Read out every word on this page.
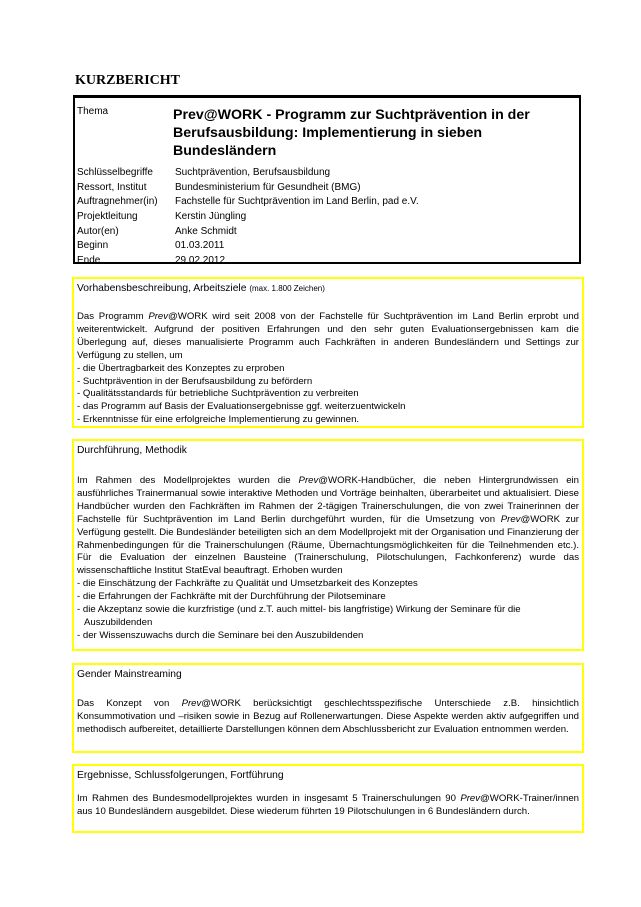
KURZBERICHT
Thema	Prev@WORK - Programm zur Suchtprävention in der Berufsausbildung: Implementierung in sieben Bundesländern
Schlüsselbegriffe	Suchtprävention, Berufsausbildung
Ressort, Institut	Bundesministerium für Gesundheit (BMG)
Auftragnehmer(in)	Fachstelle für Suchtprävention im Land Berlin, pad e.V.
Projektleitung	Kerstin Jüngling
Autor(en)	Anke Schmidt
Beginn	01.03.2011
Ende	29.02.2012
Vorhabensbeschreibung, Arbeitsziele (max. 1.800 Zeichen)
Das Programm Prev@WORK wird seit 2008 von der Fachstelle für Suchtprävention im Land Berlin erprobt und weiterentwickelt. Aufgrund der positiven Erfahrungen und den sehr guten Evaluationsergebnissen kam die Überlegung auf, dieses manualisierte Programm auch Fachkräften in anderen Bundesländern und Settings zur Verfügung zu stellen, um
- die Übertragbarkeit des Konzeptes zu erproben
- Suchtprävention in der Berufsausbildung zu befördern
- Qualitätsstandards für betriebliche Suchtprävention zu verbreiten
- das Programm auf Basis der Evaluationsergebnisse ggf. weiterzuentwickeln
- Erkenntnisse für eine erfolgreiche Implementierung zu gewinnen.
Durchführung, Methodik
Im Rahmen des Modellprojektes wurden die Prev@WORK-Handbücher, die neben Hintergrundwissen ein ausführliches Trainermanual sowie interaktive Methoden und Vorträge beinhalten, überarbeitet und aktualisiert. Diese Handbücher wurden den Fachkräften im Rahmen der 2-tägigen Trainerschulungen, die von zwei Trainerinnen der Fachstelle für Suchtprävention im Land Berlin durchgeführt wurden, für die Umsetzung von Prev@WORK zur Verfügung gestellt. Die Bundesländer beteiligten sich an dem Modellprojekt mit der Organisation und Finanzierung der Rahmenbedingungen für die Trainerschulungen (Räume, Übernachtungsmöglichkeiten für die Teilnehmenden etc.). Für die Evaluation der einzelnen Bausteine (Trainerschulung, Pilotschulungen, Fachkonferenz) wurde das wissenschaftliche Institut StatEval beauftragt. Erhoben wurden
- die Einschätzung der Fachkräfte zu Qualität und Umsetzbarkeit des Konzeptes
- die Erfahrungen der Fachkräfte mit der Durchführung der Pilotseminare
- die Akzeptanz sowie die kurzfristige (und z.T. auch mittel- bis langfristige) Wirkung der Seminare für die
Auszubildenden
- der Wissenszuwachs durch die Seminare bei den Auszubildenden
Gender Mainstreaming
Das Konzept von Prev@WORK berücksichtigt geschlechtsspezifische Unterschiede z.B. hinsichtlich Konsummotivation und –risiken sowie in Bezug auf Rollenerwartungen. Diese Aspekte werden aktiv aufgegriffen und methodisch aufbereitet, detaillierte Darstellungen können dem Abschlussbericht zur Evaluation entnommen werden.
Ergebnisse, Schlussfolgerungen, Fortführung
Im Rahmen des Bundesmodellprojektes wurden in insgesamt 5 Trainerschulungen 90 Prev@WORK-Trainer/innen aus 10 Bundesländern ausgebildet. Diese wiederum führten 19 Pilotschulungen in 6 Bundesländern durch.
